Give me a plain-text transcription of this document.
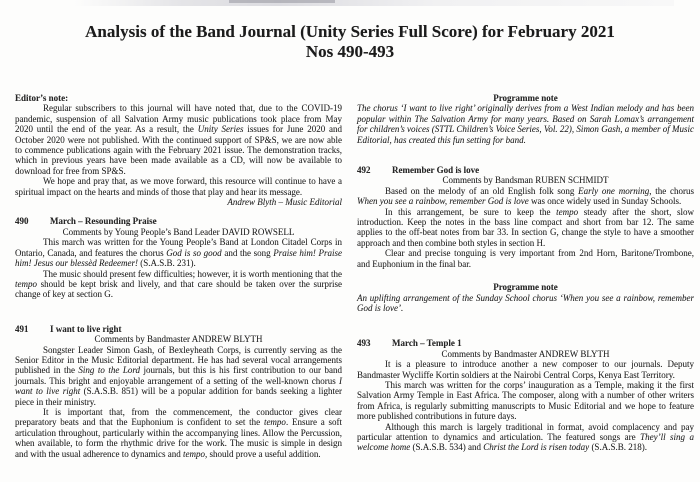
Analysis of the Band Journal (Unity Series Full Score) for February 2021
Nos 490-493
Editor’s note:

Regular subscribers to this journal will have noted that, due to the COVID-19 pandemic, suspension of all Salvation Army music publications took place from May 2020 until the end of the year. As a result, the Unity Series issues for June 2020 and October 2020 were not published. With the continued support of SP&S, we are now able to commence publications again with the February 2021 issue. The demonstration tracks, which in previous years have been made available as a CD, will now be available to download for free from SP&S.

We hope and pray that, as we move forward, this resource will continue to have a spiritual impact on the hearts and minds of those that play and hear its message.

Andrew Blyth – Music Editorial

490	March – Resounding Praise

Comments by Young People’s Band Leader DAVID ROWSELL

This march was written for the Young People’s Band at London Citadel Corps in Ontario, Canada, and features the chorus God is so good and the song Praise him! Praise him! Jesus our blessèd Redeemer! (S.A.S.B. 231).

The music should present few difficulties; however, it is worth mentioning that the tempo should be kept brisk and lively, and that care should be taken over the surprise change of key at section G.

491	I want to live right

Comments by Bandmaster ANDREW BLYTH

Songster Leader Simon Gash, of Bexleyheath Corps, is currently serving as the Senior Editor in the Music Editorial department. He has had several vocal arrangements published in the Sing to the Lord journals, but this is his first contribution to our band journals. This bright and enjoyable arrangement of a setting of the well-known chorus I want to live right (S.A.S.B. 851) will be a popular addition for bands seeking a lighter piece in their ministry.

It is important that, from the commencement, the conductor gives clear preparatory beats and that the Euphonium is confident to set the tempo. Ensure a soft articulation throughout, particularly within the accompanying lines. Allow the Percussion, when available, to form the rhythmic drive for the work. The music is simple in design and with the usual adherence to dynamics and tempo, should prove a useful addition.

Programme note

The chorus ‘I want to live right’ originally derives from a West Indian melody and has been popular within The Salvation Army for many years. Based on Sarah Lomax’s arrangement for children’s voices (STTL Children’s Voice Series, Vol. 22), Simon Gash, a member of Music Editorial, has created this fun setting for band.

492	Remember God is love

Comments by Bandsman RUBEN SCHMIDT

Based on the melody of an old English folk song Early one morning, the chorus When you see a rainbow, remember God is love was once widely used in Sunday Schools.

In this arrangement, be sure to keep the tempo steady after the short, slow introduction. Keep the notes in the bass line compact and short from bar 12. The same applies to the off-beat notes from bar 33. In section G, change the style to have a smoother approach and then combine both styles in section H.

Clear and precise tonguing is very important from 2nd Horn, Baritone/Trombone, and Euphonium in the final bar.

Programme note

An uplifting arrangement of the Sunday School chorus ‘When you see a rainbow, remember God is love’.

493	March – Temple 1

Comments by Bandmaster ANDREW BLYTH

It is a pleasure to introduce another a new composer to our journals. Deputy Bandmaster Wycliffe Kortin soldiers at the Nairobi Central Corps, Kenya East Territory.

This march was written for the corps’ inauguration as a Temple, making it the first Salvation Army Temple in East Africa. The composer, along with a number of other writers from Africa, is regularly submitting manuscripts to Music Editorial and we hope to feature more published contributions in future days.

Although this march is largely traditional in format, avoid complacency and pay particular attention to dynamics and articulation. The featured songs are They’ll sing a welcome home (S.A.S.B. 534) and Christ the Lord is risen today (S.A.S.B. 218).
